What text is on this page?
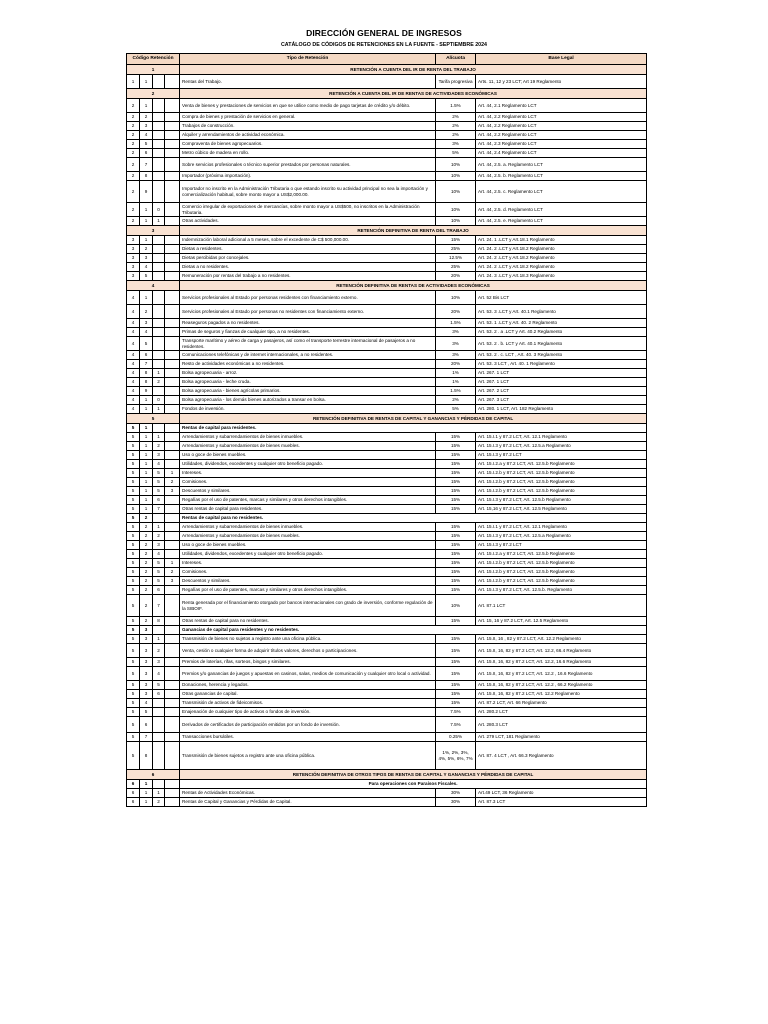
DIRECCIÓN GENERAL DE INGRESOS
CATÁLOGO DE CÓDIGOS DE RETENCIONES EN LA FUENTE - SEPTIEMBRE 2024
Código Retención				Tipo de Retención	Alícuota	Base Legal
1				RETENCIÓN A CUENTA DEL IR DE RENTA DEL TRABAJO		
1	1			Rentas del Trabajo.	Tarifa progresiva	Arts. 11, 12 y 23 LCT; Art 19 Reglamento
2				RETENCIÓN A CUENTA DEL IR DE RENTAS DE ACTIVIDADES ECONÓMICAS		
2	1			Venta de bienes y prestaciones de servicios en que se utilice como medio de pago tarjetas de crédito y/o débito.	1.5%	Art. 44, 2.1 Reglamento LCT
2	2			Compra de bienes y prestación de servicios en general.	2%	Art. 44, 2.2 Reglamento LCT
2	3			Trabajos de construcción.	2%	Art. 44, 2.2 Reglamento LCT
2	4			Alquiler y arrendamientos de actividad económica.	2%	Art. 44, 2.2 Reglamento LCT
2	5			Compraventa de bienes agropecuarios.	3%	Art. 44, 2.3 Reglamento LCT
2	6			Metro cúbico de madera en rollo.	5%	Art. 44, 2.4 Reglamento LCT
2	7			Sobre servicios profesionales o técnico superior prestados por personas naturales.	10%	Art. 44, 2.5. a. Reglamento LCT
2	8			Importador (próxima importación).	10%	Art. 44, 2.5. b. Reglamento LCT
2	9			Importador no inscrito en la Administración Tributaria o que estando inscrito su actividad principal no sea la importación y comercialización habitual, sobre monto mayor a US$2,000.00.	10%	Art. 44, 2.5. c. Reglamento LCT
2	1	0		Comercio irregular de exportaciones de mercancías, sobre monto mayor a US$500, no inscritos en la Administración Tributaria.	10%	Art. 44, 2.5. d. Reglamento LCT
2	1	1		Otras actividades.	10%	Art. 44, 2.5. e. Reglamento LCT
3				RETENCIÓN DEFINITIVA DE RENTA DEL TRABAJO		
3	1			Indemnización laboral adicional a 5 meses, sobre el excedente de C$ 500,000.00.	15%	Art. 24. 1 .LCT y Art.18.1 Reglamento
3	2			Dietas a residentes.	25%	Art. 24. 2 .LCT y Art.18.2 Reglamento
3	3			Dietas percibidas por concejales.	12.5%	Art. 24. 2 .LCT y Art.18.2 Reglamento
3	4			Dietas a no residentes.	25%	Art. 24. 2 .LCT y Art.18.2 Reglamento
3	5			Remuneración por rentas del trabajo a no residentes.	20%	Art. 24. 3 .LCT y Art.18.3 Reglamento
4				RETENCIÓN DEFINITIVA DE RENTAS DE ACTIVIDADES ECONÓMICAS		
4	1			Servicios profesionales al Estado por personas residentes con financiamiento externo.	10%	Art. 52 Bis LCT
4	2			Servicios profesionales al Estado por personas no residentes con financiamiento externo.	20%	Art. 53. 3 .LCT y Art. 40.1 Reglamento
4	3			Reaseguros pagados a no residentes.	1.5%	Art. 53. 1 .LCT y Art. 40. 2 Reglamento
4	4			Primas de seguros y fianzas de cualquier tipo, a no residentes.	3%	Art. 53. 2 . a .LCT y Art. 40.2 Reglamento
4	5			Transporte marítimo y aéreo de carga y pasajeros, así como el transporte terrestre internacional de pasajeros a no residentes.	3%	Art. 53. 2 . b. LCT y Art. 40.1 Reglamento
4	6			Comunicaciones telefónicas y de internet internacionales, a no residentes.	3%	Art. 53. 2 . c. LCT , Art. 40. 3 Reglamento
4	7			Resto de actividades económicas a no residentes.	20%	Art. 53. 3 LCT , Art. 40. 1 Reglamento
4	8	1		Bolsa agropecuaria - arroz.	1%	Art. 267. 1 LCT
4	8	2		Bolsa agropecuaria - leche cruda.	1%	Art. 267. 1 LCT
4	9			Bolsa agropecuaria - bienes agrícolas primarios.	1.5%	Art. 267. 2 LCT
4	1	0		Bolsa agropecuaria - los demás bienes autorizados a transar en bolsa.	2%	Art. 267. 3 LCT
4	1	1		Fondos de inversión.	5%	Art. 280. 1 LCT, Art. 182 Reglamento
5				RETENCIÓN DEFINITIVA DE RENTAS DE CAPITAL Y GANANCIAS Y PÉRDIDAS DE CAPITAL		
5	1			Rentas de capital para residentes.		
5	1	1		Arrendamientos y subarrendamientos de bienes inmuebles.	15%	Art. 15.I.1 y 87.2 LCT, Art. 12.1 Reglamento
5	1	2		Arrendamientos y subarrendamientos de bienes muebles.	15%	Art. 15.I.3 y 87.2 LCT, Art. 12.5.a Reglamento
5	1	3		Uso o goce de bienes muebles.	15%	Art. 15.I.3 y 87.2 LCT
5	1	4		Utilidades, dividendos, excedentes y cualquier otro beneficio pagado.	15%	Art. 15.I.2.a y 87.2 LCT, Art. 12.5.b Reglamento
5	1	5	1	Intereses.	15%	Art. 15.I.2.b y 87.2 LCT, Art. 12.5.b Reglamento
5	1	5	2	Comisiones.	15%	Art. 15.I.2.b y 87.2 LCT, Art. 12.5.b Reglamento
5	1	5	3	Descuentos y similares.	15%	Art. 15.I.2.b y 87.2 LCT, Art. 12.5.b Reglamento
5	1	6		Regalías por el uso de patentes, marcas y similares y otros derechos intangibles.	15%	Art. 15.I.3 y 87.2 LCT, Art. 12.5.b Reglamento
5	1	7		Otras rentas de capital para residentes.	15%	Art. 15,16 y 87.2 LCT, Art. 12.5 Reglamento
5	2			Rentas de capital para no residentes.		
5	2	1		Arrendamientos y subarrendamientos de bienes inmuebles.	15%	Art. 15.I.1 y 87.2 LCT, Art. 12.1 Reglamento
5	2	2		Arrendamientos y subarrendamientos de bienes muebles.	15%	Art. 15.I.3 y 87.2 LCT, Art. 12.5.a Reglamento
5	2	3		Uso o goce de bienes muebles.	15%	Art. 15.I.3 y 87.2 LCT
5	2	4		Utilidades, dividendos, excedentes y cualquier otro beneficio pagado.	15%	Art. 15.I.2.a y 87.2 LCT, Art. 12.5.b Reglamento
5	2	5	1	Intereses.	15%	Art. 15.I.2.b y 87.2 LCT, Art. 12.5.b Reglamento
5	2	5	2	Comisiones.	15%	Art. 15.I.2.b y 87.2 LCT, Art. 12.5.b Reglamento
5	2	5	3	Descuentos y similares.	15%	Art. 15.I.2.b y 87.2 LCT, Art. 12.5.b Reglamento
5	2	6		Regalías por el uso de patentes, marcas y similares y otros derechos intangibles.	15%	Art. 15.I.3 y 87.2 LCT, Art. 12.5.b. Reglamento
5	2	7		Renta generada por el financiamiento otorgado por bancos internacionales con grado de inversión, conforme regulación de la SIBOIF.	10%	Art. 87.1 LCT
5	2	8		Otras rentas de capital para no residentes.	15%	Art. 15, 16 y 87.2 LCT, Art. 12.5 Reglamento
5	3			Ganancias de capital para residentes y no residentes.		
5	3	1		Transmisión de bienes no sujetos a registro ante una oficina pública.	15%	Art. 15.II, 16 , 82 y 87.2 LCT, Art. 12.2 Reglamento
5	3	2		Venta, cesión o cualquier forma de adquirir títulos valores, derechos o participaciones.	15%	Art. 15.II, 16, 82 y 87.2 LCT, Art. 12.2, 66.4 Reglamento
5	3	3		Premios de loterías, rifas, sorteos, bingos y similares.	15%	Art. 15.II, 16, 82 y 87.2 LCT, Art. 12.2, 16.6 Reglamento
5	3	4		Premios y/o ganancias de juegos y apuestas en casinos, salas, medios de comunicación y cualquier otro local o actividad.	15%	Art. 15.II, 16, 82 y 87.2 LCT, Art. 12.2 , 16.6 Reglamento
5	3	5		Donaciones, herencia y legados.	15%	Art. 15.II, 16, 82 y 87.2 LCT, Art. 12.2 , 66.2 Reglamento
5	3	6		Otras ganancias de capital.	15%	Art. 15.II, 16, 82 y 87.2 LCT, Art. 12.2 Reglamento
5	4			Transmisión de activos de fideicomisos.	15%	Art. 87.2 LCT, Art. 66 Reglamento
5	5			Enajenación de cualquier tipo de activos o fondos de inversión.	7.5%	Art. 280.2 LCT
5	6			Derivados de certificados de participación emitidos por un fondo de inversión.	7.5%	Art. 280.3 LCT
5	7			Transacciones bursátiles.	0.25%	Art. 279 LCT, 181 Reglamento
5	8			Transmisión de bienes sujetos a registro ante una oficina pública.	1%, 2%, 3%, 4%, 5%, 6%, 7%	Art. 87. 4 LCT , Art. 66.3 Reglamento
6				RETENCIÓN DEFINITIVA DE OTROS TIPOS DE RENTAS DE CAPITAL Y GANANCIAS Y PÉRDIDAS DE CAPITAL		
6	1			Para operaciones con Paraísos Fiscales.		
6	1	1		Rentas de Actividades Económicas.	30%	Art.49 LCT, 36 Reglamento
6	1	2		Rentas de Capital y Ganancias y Pérdidas de Capital.	30%	Art. 87.3 LCT
